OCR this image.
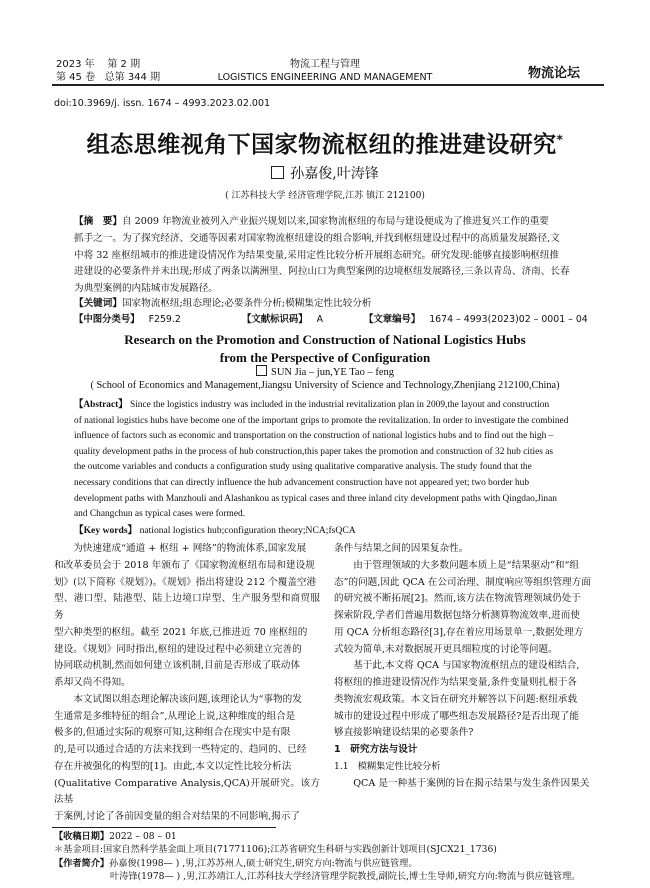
2023 年 第 2 期
第 45 卷 总第 344 期
物流工程与管理
LOGISTICS ENGINEERING AND MANAGEMENT	物流论坛
doi:10.3969/j. issn. 1674 – 4993.2023.02.001
组态思维视角下国家物流枢纽的推进建设研究*
孙嘉俊,叶涛锋
( 江苏科技大学 经济管理学院,江苏 镇江 212100)
【摘　要】自 2009 年物流业被列入产业振兴规划以来,国家物流枢纽的布局与建设便成为了推进复兴工作的重要
抓手之一。为了探究经济、交通等因素对国家物流枢纽建设的组合影响,并找到枢纽建设过程中的高质量发展路径,文
中将 32 座枢纽城市的推进建设情况作为结果变量,采用定性比较分析开展组态研究。研究发现:能够直接影响枢纽推
进建设的必要条件并未出现;形成了两条以满洲里、阿拉山口为典型案例的边境枢纽发展路径,三条以青岛、济南、长春
为典型案例的内陆城市发展路径。
【关键词】国家物流枢纽;组态理论;必要条件分析;模糊集定性比较分析
【中图分类号】 F259.2	【文献标识码】 A	【文章编号】 1674 – 4993(2023)02 – 0001 – 04
Research on the Promotion and Construction of National Logistics Hubs
from the Perspective of Configuration
SUN Jia – jun,YE Tao – feng
( School of Economics and Management,Jiangsu University of Science and Technology,Zhenjiang 212100,China)
【Abstract】 Since the logistics industry was included in the industrial revitalization plan in 2009,the layout and construction
of national logistics hubs have become one of the important grips to promote the revitalization. In order to investigate the combined
influence of factors such as economic and transportation on the construction of national logistics hubs and to find out the high –
quality development paths in the process of hub construction,this paper takes the promotion and construction of 32 hub cities as
the outcome variables and conducts a configuration study using qualitative comparative analysis. The study found that the
necessary conditions that can directly influence the hub advancement construction have not appeared yet; two border hub
development paths with Manzhouli and Alashankou as typical cases and three inland city development paths with Qingdao,Jinan
and Changchun as typical cases were formed.
【Key words】 national logistics hub;configuration theory;NCA;fsQCA
为快速建成“通道 + 枢纽 + 网络”的物流体系,国家发展
和改革委员会于 2018 年颁布了《国家物流枢纽布局和建设规
划》(以下简称《规划》)。《规划》指出将建设 212 个覆盖空港
型、港口型、陆港型、陆上边境口岸型、生产服务型和商贸服务
型六种类型的枢纽。截至 2021 年底,已推进近 70 座枢纽的
建设。《规划》同时指出,枢纽的建设过程中必须建立完善的
协同联动机制,然而如何建立该机制,目前是否形成了联动体
系却又尚不得知。
本文试图以组态理论解决该问题,该理论认为“事物的发
生通常是多维特征的组合”,从理论上说,这种维度的组合是
极多的,但通过实际的观察可知,这种组合在现实中是有限
的,是可以通过合适的方法来找到一些特定的、趋同的、已经
存在并被强化的构型的[1]。由此,本文以定性比较分析法
(Qualitative Comparative Analysis,QCA)开展研究。该方法基
于案例,讨论了各前因变量的组合对结果的不同影响,揭示了
条件与结果之间的因果复杂性。
由于管理领域的大多数问题本质上是“结果驱动”和“组
态”的问题,因此 QCA 在公司治理、制度响应等组织管理方面
的研究被不断拓展[2]。然而,该方法在物流管理领域仍处于
探索阶段,学者们普遍用数据包络分析测算物流效率,进而使
用 QCA 分析组态路径[3],存在着应用场景单一,数据处理方
式较为简单,未对数据展开更具细粒度的讨论等问题。
基于此,本文将 QCA 与国家物流枢纽点的建设相结合,
将枢纽的推进建设情况作为结果变量,条件变量则扎根于各
类物流宏观政策。本文旨在研究并解答以下问题:枢纽承载
城市的建设过程中形成了哪些组态发展路径?是否出现了能
够直接影响建设结果的必要条件?
1　研究方法与设计
1.1　模糊集定性比较分析
QCA 是一种基于案例的旨在揭示结果与发生条件因果关
【收稿日期】2022 – 08 – 01
＊基金项目:国家自然科学基金面上项目(71771106);江苏省研究生科研与实践创新计划项目(SJCX21_1736)
【作者简介】孙嘉俊(1998— ) ,男,江苏苏州人,硕士研究生,研究方向:物流与供应链管理。
叶涛锋(1978— ) ,男,江苏靖江人,江苏科技大学经济管理学院教授,副院长,博士生导师,研究方向:物流与供应链管理。
